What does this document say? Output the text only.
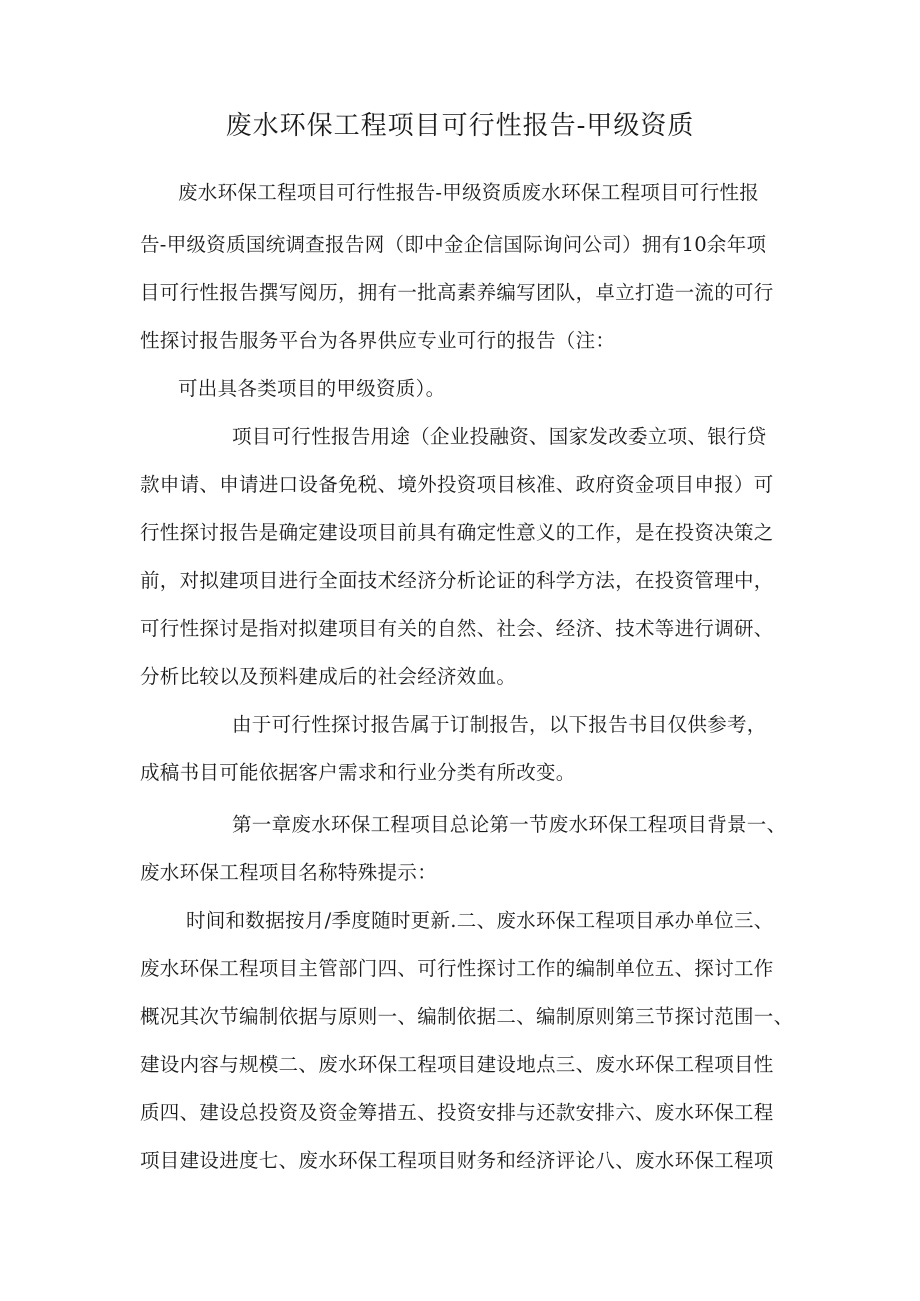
废水环保工程项目可行性报告-甲级资质
废水环保工程项目可行性报告-甲级资质废水环保工程项目可行性报
告-甲级资质国统调查报告网（即中金企信国际询问公司）拥有10余年项
目可行性报告撰写阅历，拥有一批高素养编写团队，卓立打造一流的可行
性探讨报告服务平台为各界供应专业可行的报告（注：
可出具各类项目的甲级资质）。
项目可行性报告用途（企业投融资、国家发改委立项、银行贷
款申请、申请进口设备免税、境外投资项目核准、政府资金项目申报）可
行性探讨报告是确定建设项目前具有确定性意义的工作，是在投资决策之
前，对拟建项目进行全面技术经济分析论证的科学方法，在投资管理中，
可行性探讨是指对拟建项目有关的自然、社会、经济、技术等进行调研、
分析比较以及预料建成后的社会经济效血。
由于可行性探讨报告属于订制报告，以下报告书目仅供参考，
成稿书目可能依据客户需求和行业分类有所改变。
第一章废水环保工程项目总论第一节废水环保工程项目背景一、
废水环保工程项目名称特殊提示：
时间和数据按月/季度随时更新.二、废水环保工程项目承办单位三、
废水环保工程项目主管部门四、可行性探讨工作的编制单位五、探讨工作
概况其次节编制依据与原则一、编制依据二、编制原则第三节探讨范围一、
建设内容与规模二、废水环保工程项目建设地点三、废水环保工程项目性
质四、建设总投资及资金筹措五、投资安排与还款安排六、废水环保工程
项目建设进度七、废水环保工程项目财务和经济评论八、废水环保工程项
